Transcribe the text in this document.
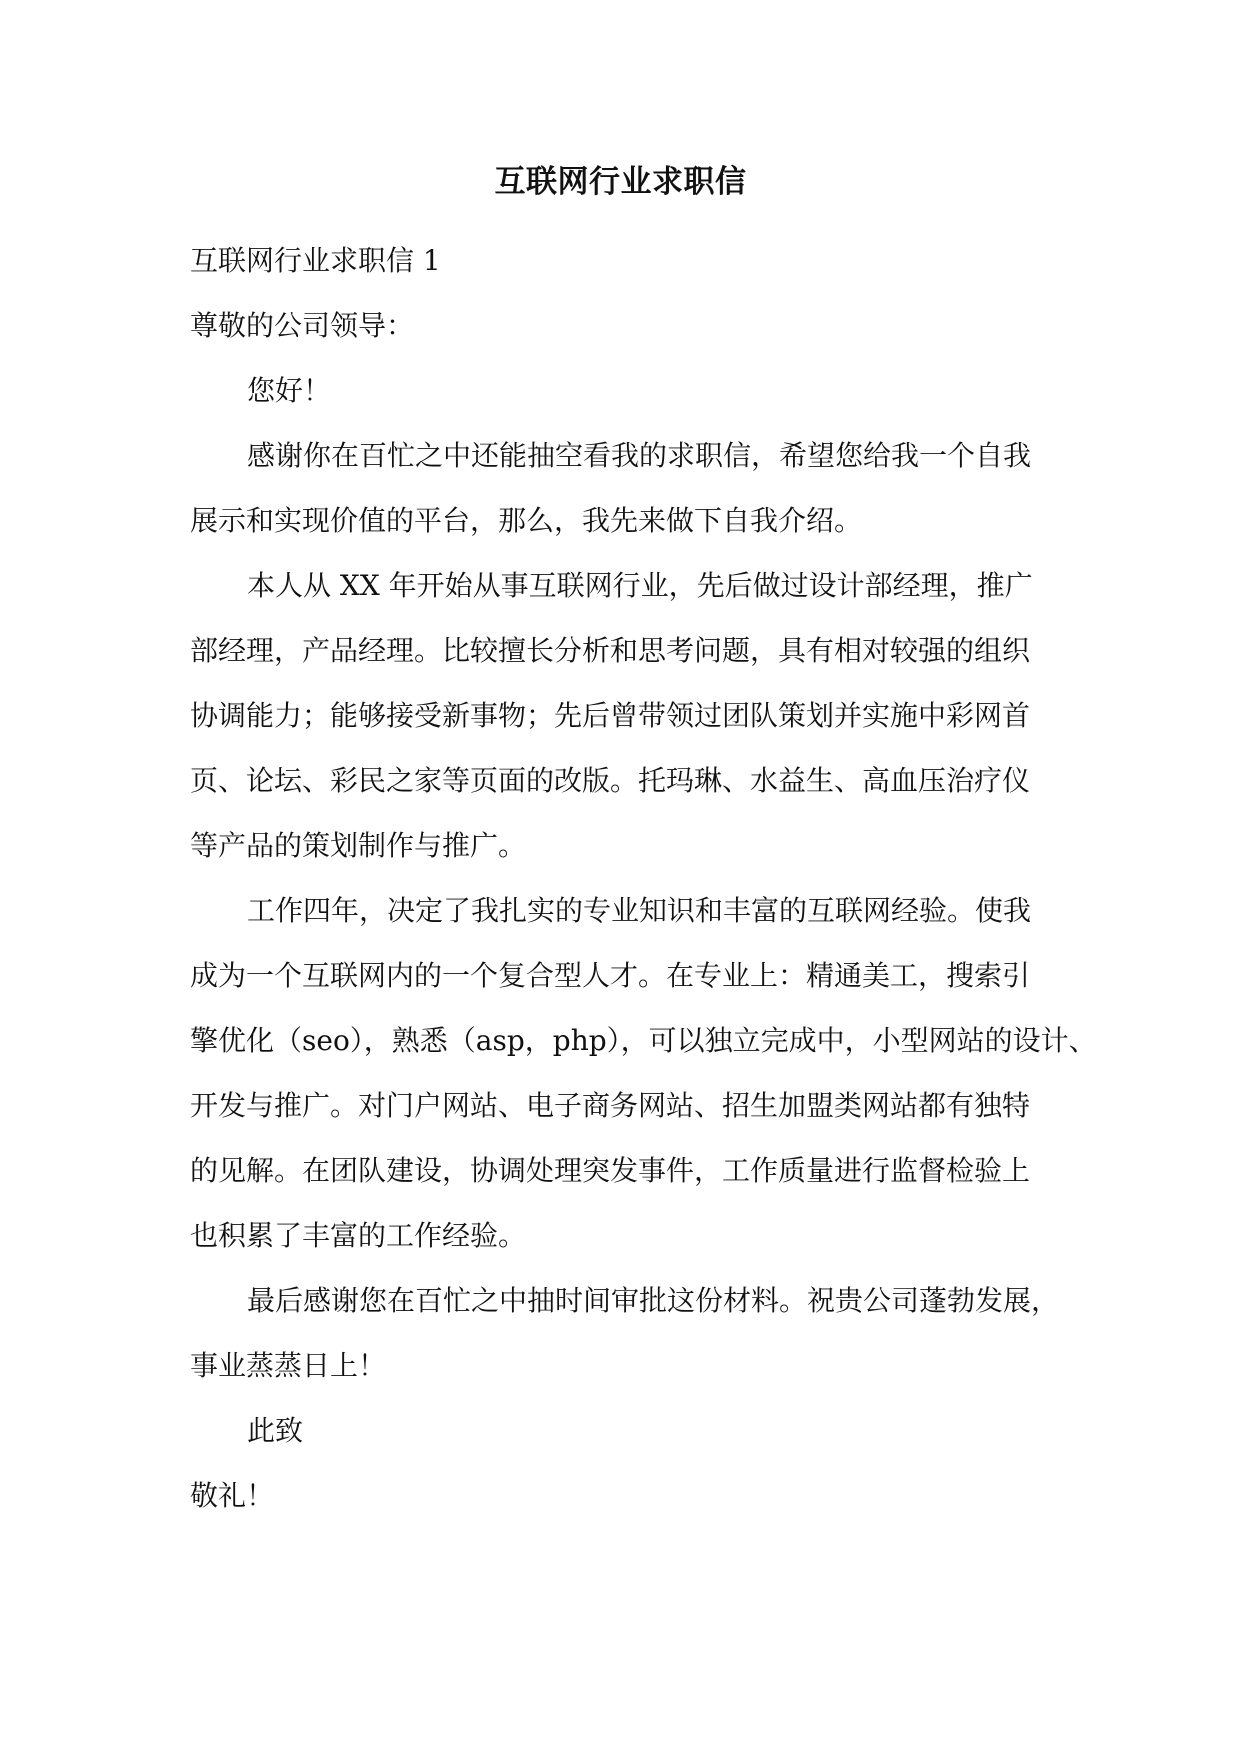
互联网行业求职信

互联网行业求职信 1

尊敬的公司领导：

您好！

感谢你在百忙之中还能抽空看我的求职信，希望您给我一个自我

展示和实现价值的平台，那么，我先来做下自我介绍。

本人从 XX 年开始从事互联网行业，先后做过设计部经理，推广

部经理，产品经理。比较擅长分析和思考问题，具有相对较强的组织

协调能力；能够接受新事物；先后曾带领过团队策划并实施中彩网首

页、论坛、彩民之家等页面的改版。托玛琳、水益生、高血压治疗仪

等产品的策划制作与推广。

工作四年，决定了我扎实的专业知识和丰富的互联网经验。使我

成为一个互联网内的一个复合型人才。在专业上：精通美工，搜索引

擎优化（seo），熟悉（asp，php），可以独立完成中，小型网站的设计、

开发与推广。对门户网站、电子商务网站、招生加盟类网站都有独特

的见解。在团队建设，协调处理突发事件，工作质量进行监督检验上

也积累了丰富的工作经验。

最后感谢您在百忙之中抽时间审批这份材料。祝贵公司蓬勃发展，

事业蒸蒸日上！

此致

敬礼！
